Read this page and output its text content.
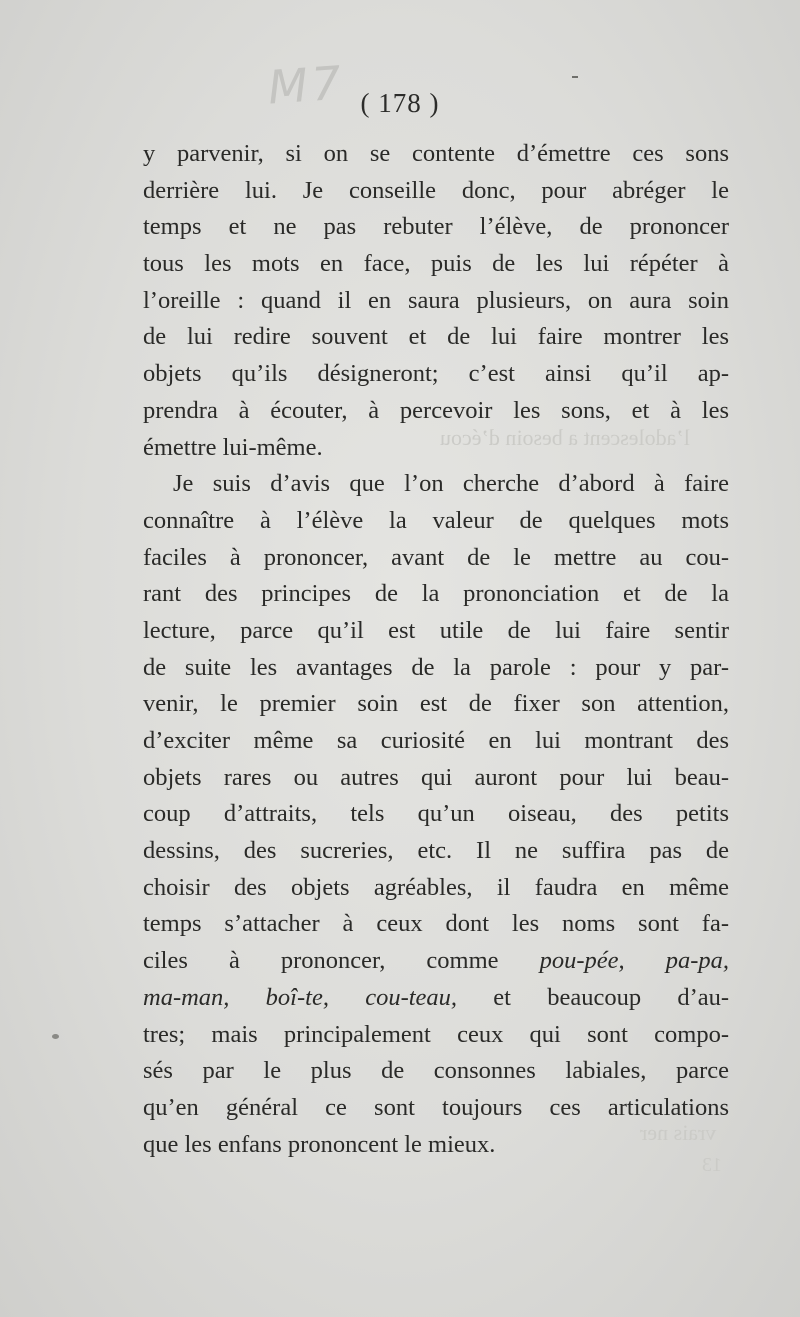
M7 ( 178 )
l’adolescent a besoin d’écou
vrais ner
13
y parvenir, si on se contente d’émettre ces sons
derrière lui. Je conseille donc, pour abréger le
temps et ne pas rebuter l’élève, de prononcer
tous les mots en face, puis de les lui répéter à
l’oreille : quand il en saura plusieurs, on aura soin
de lui redire souvent et de lui faire montrer les
objets qu’ils désigneront; c’est ainsi qu’il ap-
prendra à écouter, à percevoir les sons, et à les
émettre lui-même.
Je suis d’avis que l’on cherche d’abord à faire
connaître à l’élève la valeur de quelques mots
faciles à prononcer, avant de le mettre au cou-
rant des principes de la prononciation et de la
lecture, parce qu’il est utile de lui faire sentir
de suite les avantages de la parole : pour y par-
venir, le premier soin est de fixer son attention,
d’exciter même sa curiosité en lui montrant des
objets rares ou autres qui auront pour lui beau-
coup d’attraits, tels qu’un oiseau, des petits
dessins, des sucreries, etc. Il ne suffira pas de
choisir des objets agréables, il faudra en même
temps s’attacher à ceux dont les noms sont fa-
ciles à prononcer, comme pou-pée, pa-pa,
ma-man, boî-te, cou-teau, et beaucoup d’au-
tres; mais principalement ceux qui sont compo-
sés par le plus de consonnes labiales, parce
qu’en général ce sont toujours ces articulations
que les enfans prononcent le mieux.
